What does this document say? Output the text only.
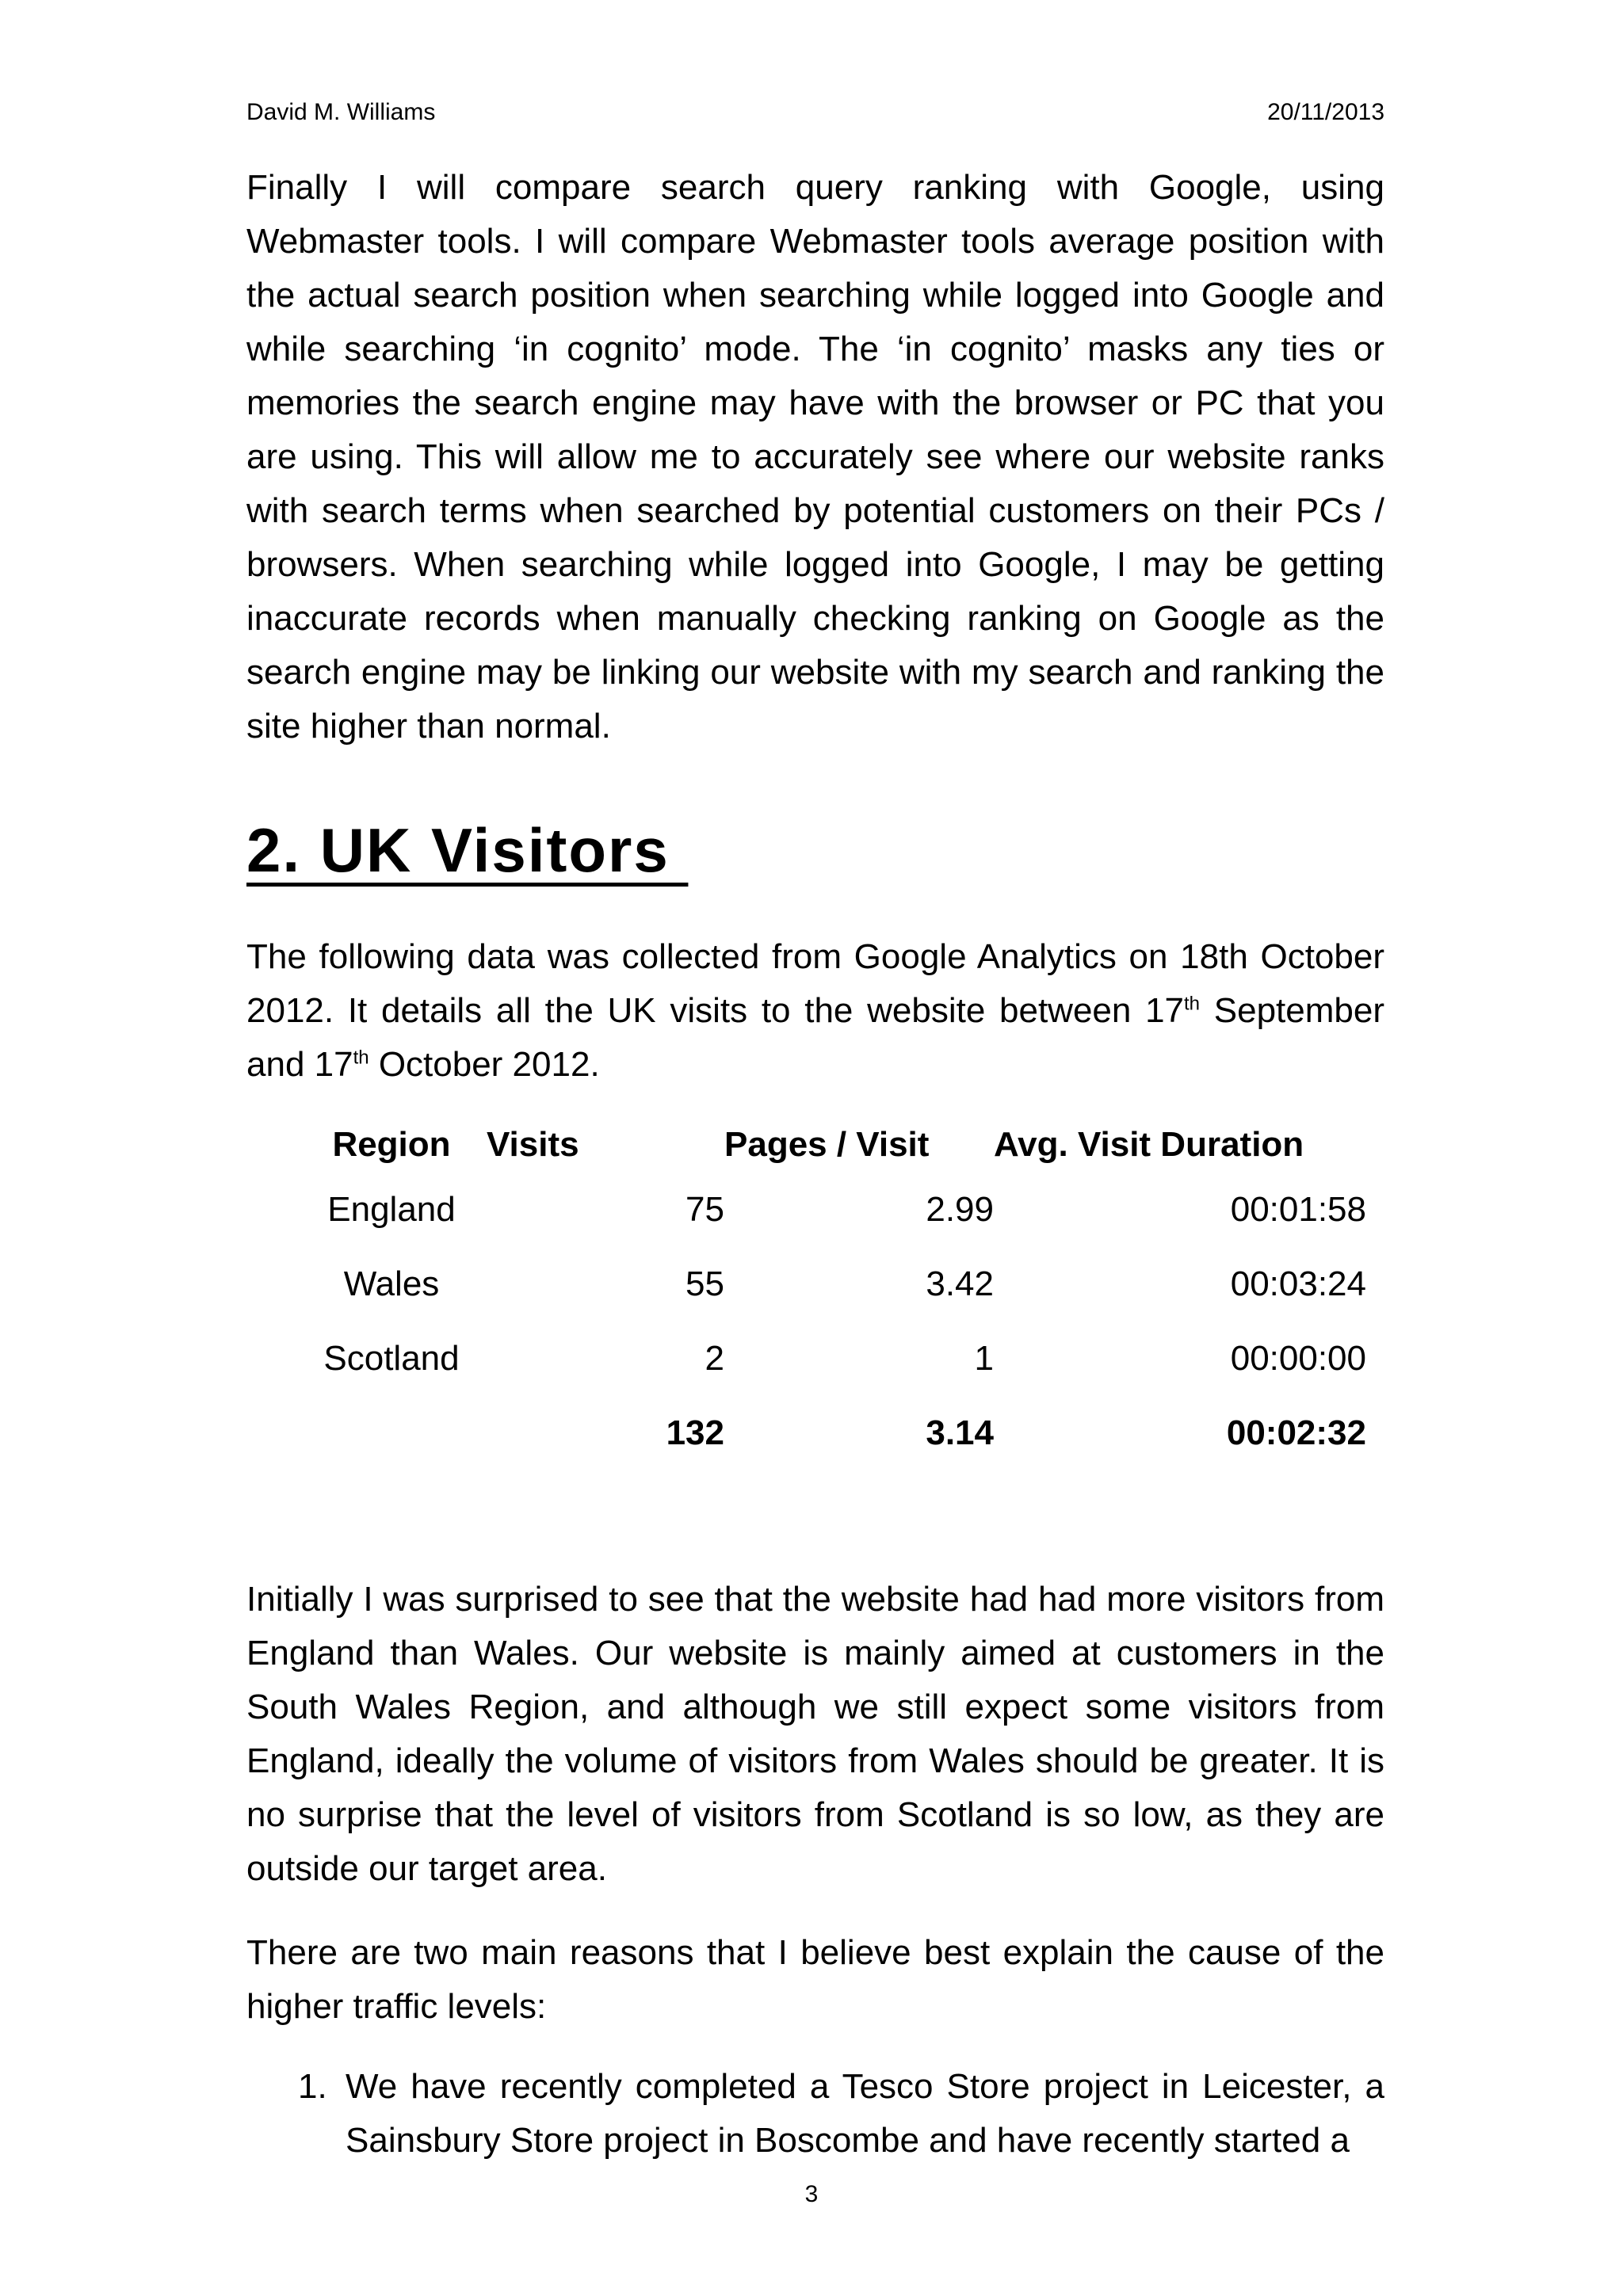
David M. Williams	20/11/2013

Finally I will compare search query ranking with Google, using Webmaster tools. I will compare Webmaster tools average position with the actual search position when searching while logged into Google and while searching ‘in cognito’ mode. The ‘in cognito’ masks any ties or memories the search engine may have with the browser or PC that you are using. This will allow me to accurately see where our website ranks with search terms when searched by potential customers on their PCs / browsers. When searching while logged into Google, I may be getting inaccurate records when manually checking ranking on Google as the search engine may be linking our website with my search and ranking the site higher than normal.

2. UK Visitors

The following data was collected from Google Analytics on 18th October 2012. It details all the UK visits to the website between 17th September and 17th October 2012.

Region	Visits	Pages / Visit	Avg. Visit Duration
England	75	2.99	00:01:58
Wales	55	3.42	00:03:24
Scotland	2	1	00:00:00
	132	3.14	00:02:32

Initially I was surprised to see that the website had had more visitors from England than Wales. Our website is mainly aimed at customers in the South Wales Region, and although we still expect some visitors from England, ideally the volume of visitors from Wales should be greater. It is no surprise that the level of visitors from Scotland is so low, as they are outside our target area.

There are two main reasons that I believe best explain the cause of the higher traffic levels:

1. We have recently completed a Tesco Store project in Leicester, a Sainsbury Store project in Boscombe and have recently started a
3
